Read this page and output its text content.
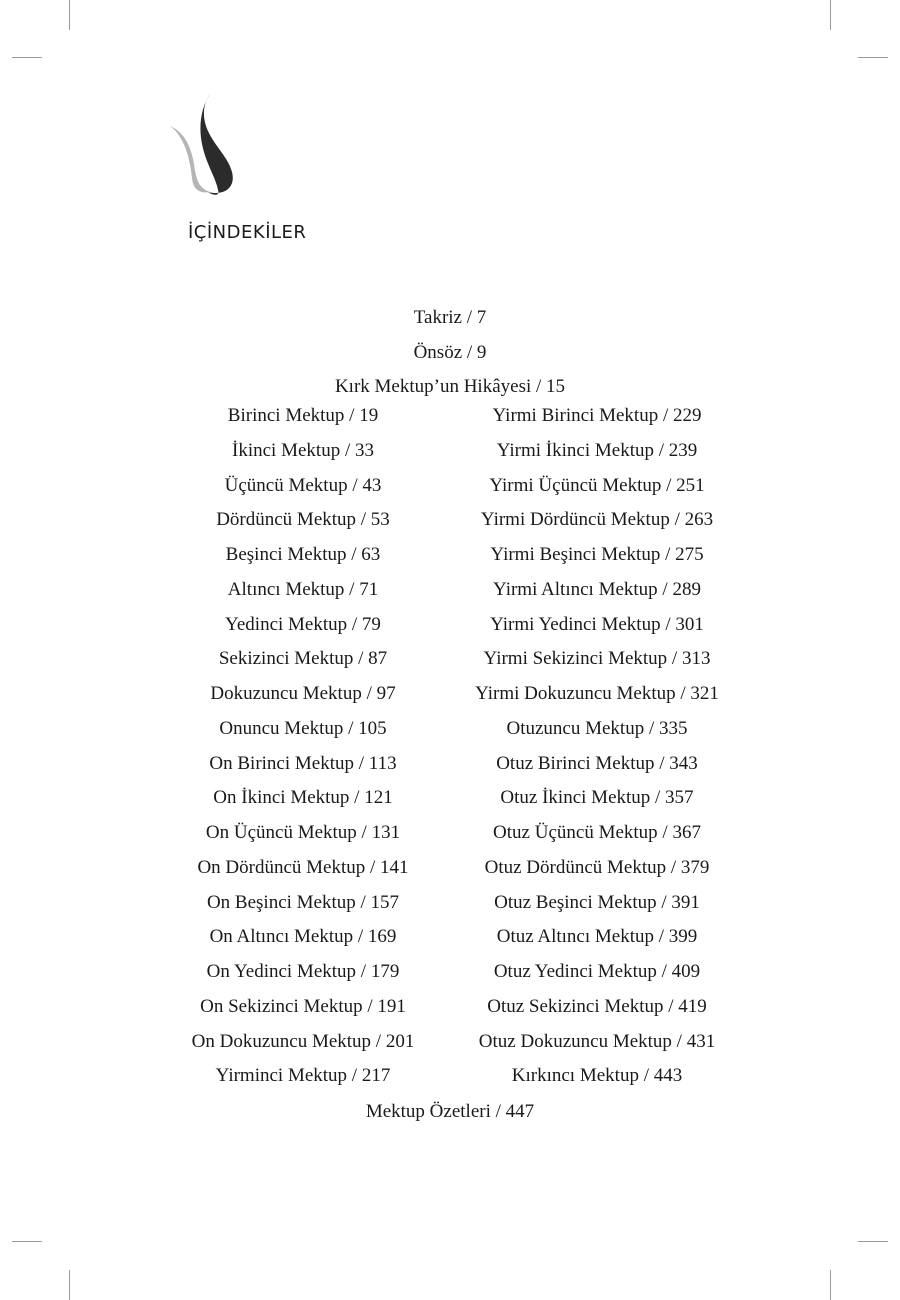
İÇİNDEKİLER
Takriz / 7
Önsöz / 9
Kırk Mektup’un Hikâyesi / 15
Birinci Mektup / 19
İkinci Mektup / 33
Üçüncü Mektup / 43
Dördüncü Mektup / 53
Beşinci Mektup / 63
Altıncı Mektup / 71
Yedinci Mektup / 79
Sekizinci Mektup / 87
Dokuzuncu Mektup / 97
Onuncu Mektup / 105
On Birinci Mektup / 113
On İkinci Mektup / 121
On Üçüncü Mektup / 131
On Dördüncü Mektup / 141
On Beşinci Mektup / 157
On Altıncı Mektup / 169
On Yedinci Mektup / 179
On Sekizinci Mektup / 191
On Dokuzuncu Mektup / 201
Yirminci Mektup / 217
Yirmi Birinci Mektup / 229
Yirmi İkinci Mektup / 239
Yirmi Üçüncü Mektup / 251
Yirmi Dördüncü Mektup / 263
Yirmi Beşinci Mektup / 275
Yirmi Altıncı Mektup / 289
Yirmi Yedinci Mektup / 301
Yirmi Sekizinci Mektup / 313
Yirmi Dokuzuncu Mektup / 321
Otuzuncu Mektup / 335
Otuz Birinci Mektup / 343
Otuz İkinci Mektup / 357
Otuz Üçüncü Mektup / 367
Otuz Dördüncü Mektup / 379
Otuz Beşinci Mektup / 391
Otuz Altıncı Mektup / 399
Otuz Yedinci Mektup / 409
Otuz Sekizinci Mektup / 419
Otuz Dokuzuncu Mektup / 431
Kırkıncı Mektup / 443
Mektup Özetleri / 447
